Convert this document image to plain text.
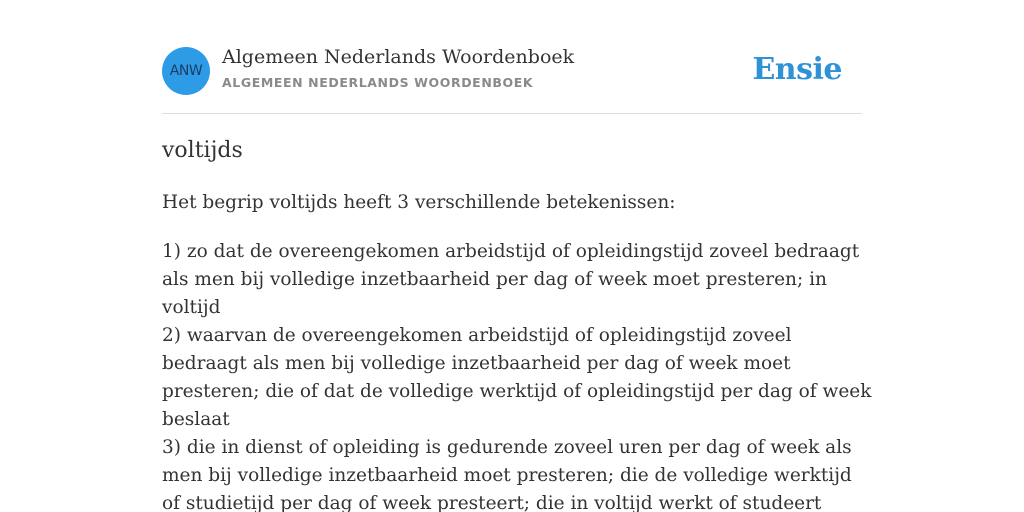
ANW
Algemeen Nederlands Woordenboek
ALGEMEEN NEDERLANDS WOORDENBOEK	Ensie
voltijds
Het begrip voltijds heeft 3 verschillende betekenissen:
1) zo dat de overeengekomen arbeidstijd of opleidingstijd zoveel bedraagt als men bij volledige inzetbaarheid per dag of week moet presteren; in voltijd
2) waarvan de overeengekomen arbeidstijd of opleidingstijd zoveel bedraagt als men bij volledige inzetbaarheid per dag of week moet presteren; die of dat de volledige werktijd of opleidingstijd per dag of week beslaat
3) die in dienst of opleiding is gedurende zoveel uren per dag of week als men bij volledige inzetbaarheid moet presteren; die de volledige werktijd of studietijd per dag of week presteert; die in voltijd werkt of studeert
